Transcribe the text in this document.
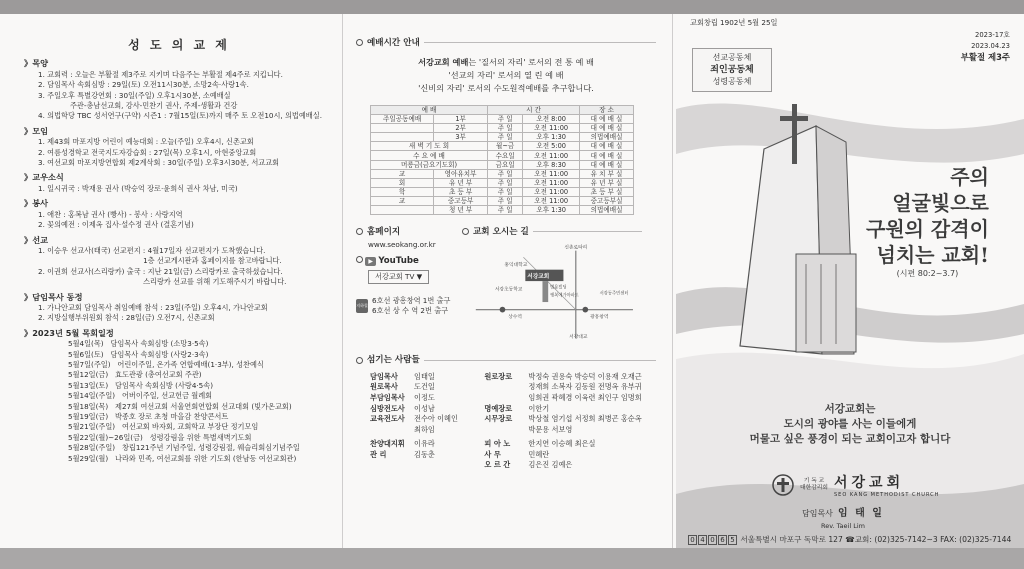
성 도 의 교 제
》목양
1. 교회력 : 오늘은 부활절 제3주로 지키며 다음주는 부활절 제4주로 지킵니다.
2. 담임목사 속회심방 : 29일(토) 오전11시30분, 소망2속·사랑1속.
3. 주일오후 특별강연회 : 30일(주일) 오후1시30분, 소예배실
주관-총남선교회, 강사-민찬기 권사, 주제-생활과 건강
4. 의법학당 TBC 성서연구(구약) 시즌1 : 7월15일(토)까지 매주 토 오전10시, 의법예배실.
》모임
1. 제43회 마포지방 어린이 예능대회 : 오늘(주일) 오후4시, 신촌교회
2. 여름성경학교 전국지도자강습회 : 27일(목) 오후1시, 아현중앙교회
3. 여선교회 마포지방연합회 제2계삭회 : 30일(주일) 오후3시30분, 서교교회
》교우소식
1. 일시귀국 : 박재용 권사 (박승억 장로·윤희식 권사 차남, 미국)
》봉사
1. 애찬 : 홍복남 권사 (빵사) - 봉사 : 사랑지역
2. 꽃의예전 : 이제옥 집사·설수정 권사 (결혼기념)
》선교
1. 이승우 선교사(태국) 선교편지 : 4월17일자 선교편지가 도착했습니다.
1층 선교게시판과 홈페이지를 참고바랍니다.
2. 이권희 선교사(스리랑카) 출국 : 지난 21일(금) 스리랑카로 출국하셨습니다.
스리랑카 선교를 위해 기도해주시기 바랍니다.
》담임목사 동정
1. 가나안교회 담임목사 취임예배 참석 : 23일(주일) 오후4시, 가나안교회
2. 지방실행부위원회 참석 : 28일(금) 오전7시, 신촌교회
》2023년 5월 목회일정
5월4일(목)   담임목사 속회심방 (소망3·5속)
5월6일(토)   담임목사 속회심방 (사랑2·3속)
5월7일(주일)   어린이주일, 온가족 연합예배(1·3부), 성찬예식
5월12일(금)   효도관광 (총여선교회 주관)
5월13일(토)   담임목사 속회심방 (사랑4·5속)
5월14일(주일)   어버이주일, 선교헌금 월례회
5월18일(목)   제27회 여선교회 서울연회연합회 선교대회 (빛가온교회)
5월19일(금)   박종호 장로 초청 마을감 찬양콘서트
5월21일(주일)   여선교회 바자회, 교회학교 부장단 정기모임
5월22일(월)~26일(금)   성령강림을 위한 특별새벽기도회
5월28일(주일)   창립121주년 기념주일, 성령강림절, 웨슬리회심기념주일
5월29일(월)   나라와 민족, 여선교회를 위한 기도회 (한남동 여선교회관)
예배시간 안내
서강교회 예배는 '질서의 자리' 로서의 전 통 예 배
'선교의 자리' 로서의 열 린 예 배
'신비의 자리' 로서의 수도원적예배를 추구합니다.
예 배		시 간		장 소
주일공동예배	1부	주 일	오전 8:00	대 예 배 실
	2부	주 일	오전 11:00	대 예 배 실
	3부	주 일	오후 1:30	의법예배실
새 벽 기 도 회		월~금	오전 5:00	대 예 배 실
수 요 예 배		수요일	오전 11:00	대 예 배 실
머릉금(금요기도회)		금요일	오후 8:30	대 예 배 실
교	영아유치부	주 일	오전 11:00	유 치 부 실
회	유 년 부	주 일	오전 11:00	유 년 부 실
학	초 등 부	주 일	오전 11:00	초 등 부 실
교	중고등부	주 일	오전 11:00	중고등부실
	청 년 부	주 일	오후 1:30	의법예배실
홈페이지
www.seokang.or.kr
▶ YouTube
서강교회 TV ▼
지하철
6호선 광흥창역 1번 출구
6호선 상 수 역 2번 출구
교회 오시는 길
신촌로타리
홍익대학교
서강교회
서강초등학교	범용빌딩
행복예가아파트	서강동주민센터
상수역	광흥창역
서강대교
섬기는 사람들
담임목사 임태일
원로목사 도건일
부담임목사 이정도
심방전도사 이성남
교육전도사 전수아 이혜인
최하임
원로장로 박정숙 권용숙 박승덕 이용재 오재근
정재희 소복자 김동원 전명옥 유부귀
임희권 곽혜경 이육련 최인구 임명희
명예장로 이한기
시무장로 박상철 염기섭 서정희 최병곤 홍순옥
박문용 서보영
찬양대지휘 이유라
관 리	김동춘
피 아 노	한지연 이승혜 최은실
사 무	민혜란
오 르 간	김은진 김예은
교회창립 1902년 5월 25일
2023-17호
2023.04.23
부활절 제3주
선교공동체
죄인공동체
성령공동체
주의
얼굴빛으로
구원의 감격이
넘치는 교회!
(시편 80:2~3.7)
서강교회는
도시의 광야를 사는 이들에게
머물고 싶은 풍경이 되는 교회이고자 합니다
기 독 교
대한감리회 서강교회
SEO KANG METHODIST CHURCH
담임목사 임 태 일
Rev. Taeil Lim
0 4 0 6 5 서울특별시 마포구 독막로 127 ☎교회: (02)325-7142~3 FAX: (02)325-7144
